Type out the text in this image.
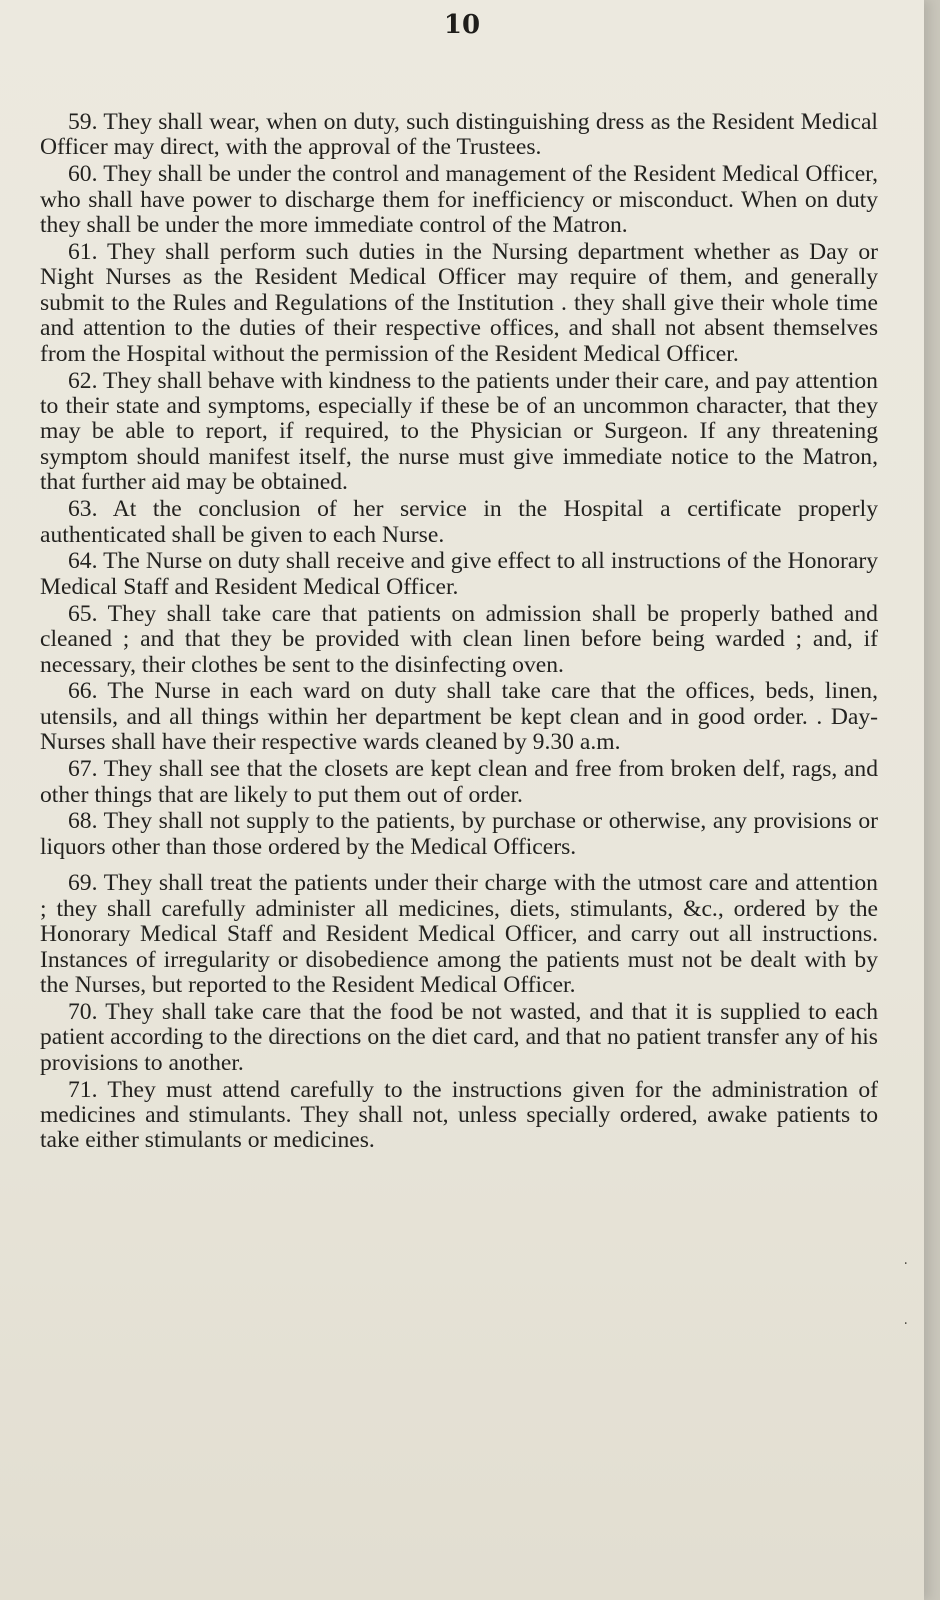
10

59. They shall wear, when on duty, such distinguishing dress as the Resident Medical Officer may direct, with the approval of the Trustees.

60. They shall be under the control and management of the Resident Medical Officer, who shall have power to discharge them for inefficiency or misconduct. When on duty they shall be under the more immediate control of the Matron.

61. They shall perform such duties in the Nursing department whether as Day or Night Nurses as the Resident Medical Officer may require of them, and generally submit to the Rules and Regulations of the Institution . they shall give their whole time and attention to the duties of their respective offices, and shall not absent themselves from the Hospital without the permission of the Resident Medical Officer.

62. They shall behave with kindness to the patients under their care, and pay attention to their state and symptoms, especially if these be of an uncommon character, that they may be able to report, if required, to the Physician or Surgeon. If any threatening symptom should manifest itself, the nurse must give immediate notice to the Matron, that further aid may be obtained.

63. At the conclusion of her service in the Hospital a certificate properly authenticated shall be given to each Nurse.

64. The Nurse on duty shall receive and give effect to all instructions of the Honorary Medical Staff and Resident Medical Officer.

65. They shall take care that patients on admission shall be properly bathed and cleaned ; and that they be provided with clean linen before being warded ; and, if necessary, their clothes be sent to the disinfecting oven.

66. The Nurse in each ward on duty shall take care that the offices, beds, linen, utensils, and all things within her department be kept clean and in good order. . Day-Nurses shall have their respective wards cleaned by 9.30 a.m.

67. They shall see that the closets are kept clean and free from broken delf, rags, and other things that are likely to put them out of order.

68. They shall not supply to the patients, by purchase or otherwise, any provisions or liquors other than those ordered by the Medical Officers.

69. They shall treat the patients under their charge with the utmost care and attention ; they shall carefully administer all medicines, diets, stimulants, &c., ordered by the Honorary Medical Staff and Resident Medical Officer, and carry out all instructions. Instances of irregularity or disobedience among the patients must not be dealt with by the Nurses, but reported to the Resident Medical Officer.

70. They shall take care that the food be not wasted, and that it is supplied to each patient according to the directions on the diet card, and that no patient transfer any of his provisions to another.

71. They must attend carefully to the instructions given for the administration of medicines and stimulants. They shall not, unless specially ordered, awake patients to take either stimulants or medicines.

·
·
